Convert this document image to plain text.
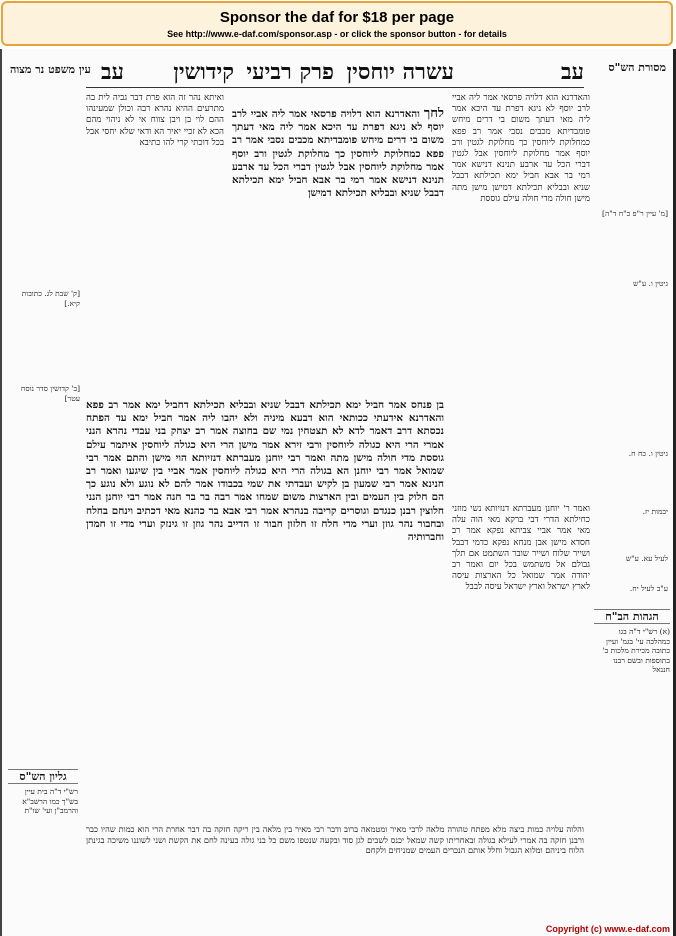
Sponsor the daf for $18 per page
See http://www.e-daf.com/sponsor.asp - or click the sponsor button - for details
מסורת הש"ס
עין משפט נר מצוה	עב
עשרה יוחסין
פרק רביעי
קידושין
עב
והאדרנא הוא דלויה פרסאי אמר ליה אביי לרב יוסף לא ניגא דפרת עד היכא אמר ליה מאי דעתך משום בי דרים מיחש פומבדיתא מכבים נסבי אמר רב פפא כמחלוקת ליוחסין כך מחלוקת לגטין ורב יוסף אמר מחלוקת ליוחסין אבל לגטין דברי הכל עד ארבע תנינא דנישא אמר רמי בר אבא חביל ימא תכילתא דבבל שניא ובבליא תכילתא דמישן מישן מתה מישן חולה מדי חולה עילם גוססת
ואמר ר' יוחנן מעברתא דנזיותא נשי מוזני כחילתא הדרי דבי ברקא מאי הוה עלה מאי אמר אביי צביתא נפקא אמר רב חסדא מישן אבן מנחא נפקא כדמי דבבל ושייר שלוח ושייר שובר השתמט אם תלך גבולם אל משתמש בכל יום ואמר רב יהודה אמר שמואל כל הארצות עיסה לארץ ישראל וארץ ישראל עיסה לבבל
ואיתא נהר זה הוא פרת דבר גביה לית בה מתרעים ההיא נהרא רבה וכולן שמעינהו ההם לוי בן ויבן צווח אי לא ניהוי מהם הכא לא זכיי יאיר הא ודאי שלא יחסי אבל בכל דוכתי קרי להו כתיבא
לחך והאדרנא הוא דלויה פרסאי אמר ליה אביי לרב יוסף לא ניגא דפרת עד היכא אמר ליה מאי דעתך משום בי דרים מיחש פומבדיתא מכבים נסבי אמר רב פפא כמחלוקת ליוחסין כך מחלוקת לגטין ורב יוסף אמר מחלוקת ליוחסין אבל לגטין דברי הכל עד ארבע תנינא דנישא אמר רמי בר אבא חביל ימא תכילתא דבבל שניא ובבליא תכילתא דמישן
בן פנחס אמר חביל ימא תכילתא דבבל שניא ובבליא תכילתא דחביל ימא אמר רב פפא והאדרנא אידעתי ככותאי הוא דבעא מיניה ולא יהבו ליה אמר חביל ימא עד הפתח נכסתא דרב דאמר לדא לא תצטחין נמי שם בחוצה אמר רב יצחק בני עבדי נהרא הנני אמרי הרי היא כגולה ליוחסין ורבי זירא אמר מישן הרי היא כגולה ליוחסין איתמר עילם גוססת מדי חולה מישן מתה ואמר רבי יוחנן מעברתא דנזיותא הוי מישן והתם אמר רבי שמואל אמר רבי יוחנן הא בגולה הרי היא כגולה ליוחסין אמר אביי בין שיגעו ואמר רב חנינא אמר רבי שמעון בן לקיש ועבדתי את שמי בכבודו אמר להם לא נוגע ולא נוגע כך הם חלוק בין העמים ובין הארצות משום שמחו אמר רבה בר בר חנה אמר רבי יוחנן הנני חלוצין רבנן כנגדם וגוסרים קריבה בנהרא אמר רבי אבא בר כהנא מאי דכתיב וינחם בחלח ובחבור נהר גוזן וערי מדי חלח זו חלזון חבור זו הדייב נהר גוזן זו גינזק וערי מדי זו חמדן וחברותיה
והלוה עלויה כמות ביצה מלא מפתח טהורה מלאה לרבי מאיר ומטמאה ברוב ודבר רבי מאיר בין מלאה בין ריקה חזקה בה דבר אחרת הרי הוא כמות שהיו כבר ורבנן חזקה בה אמרי לעילא בגולה ובאחריתו קשה שמאל יכנס לשבים לגן סוד ובקעה שנטפו משם כל בני גולה בעינה לחם את הקשת ושני לשוננו משיכה בגינתן הלוח ביניהם ומלוא הגבול וחלל אותם הנכרים העמים שמניחים ולקחם
[מ' עיין ר"פ כ"ח ד"ה]
גיטין ו. ע"ש
[ק' שבת לג. כתובות קיא.]
[ב' קדושין סדר נוסח עטר]
גיטין ו. כח ח.
יבמות יז.
לעיל עא. ע"ש
ע"ב לעיל יח.
הגהות הב"ח
(א) רש"י ד"ה בגו כמהלכה עי' בגמ' ועיין כתובה מכירת מלכות ב' בתוספות ובשם רבנו חננאל
גליון הש"ס
רש"י ד"ה בית עיין בש"ך כמו הרשב"א והרמב"ן ועי' שו"ת
Copyright (c) www.e-daf.com
